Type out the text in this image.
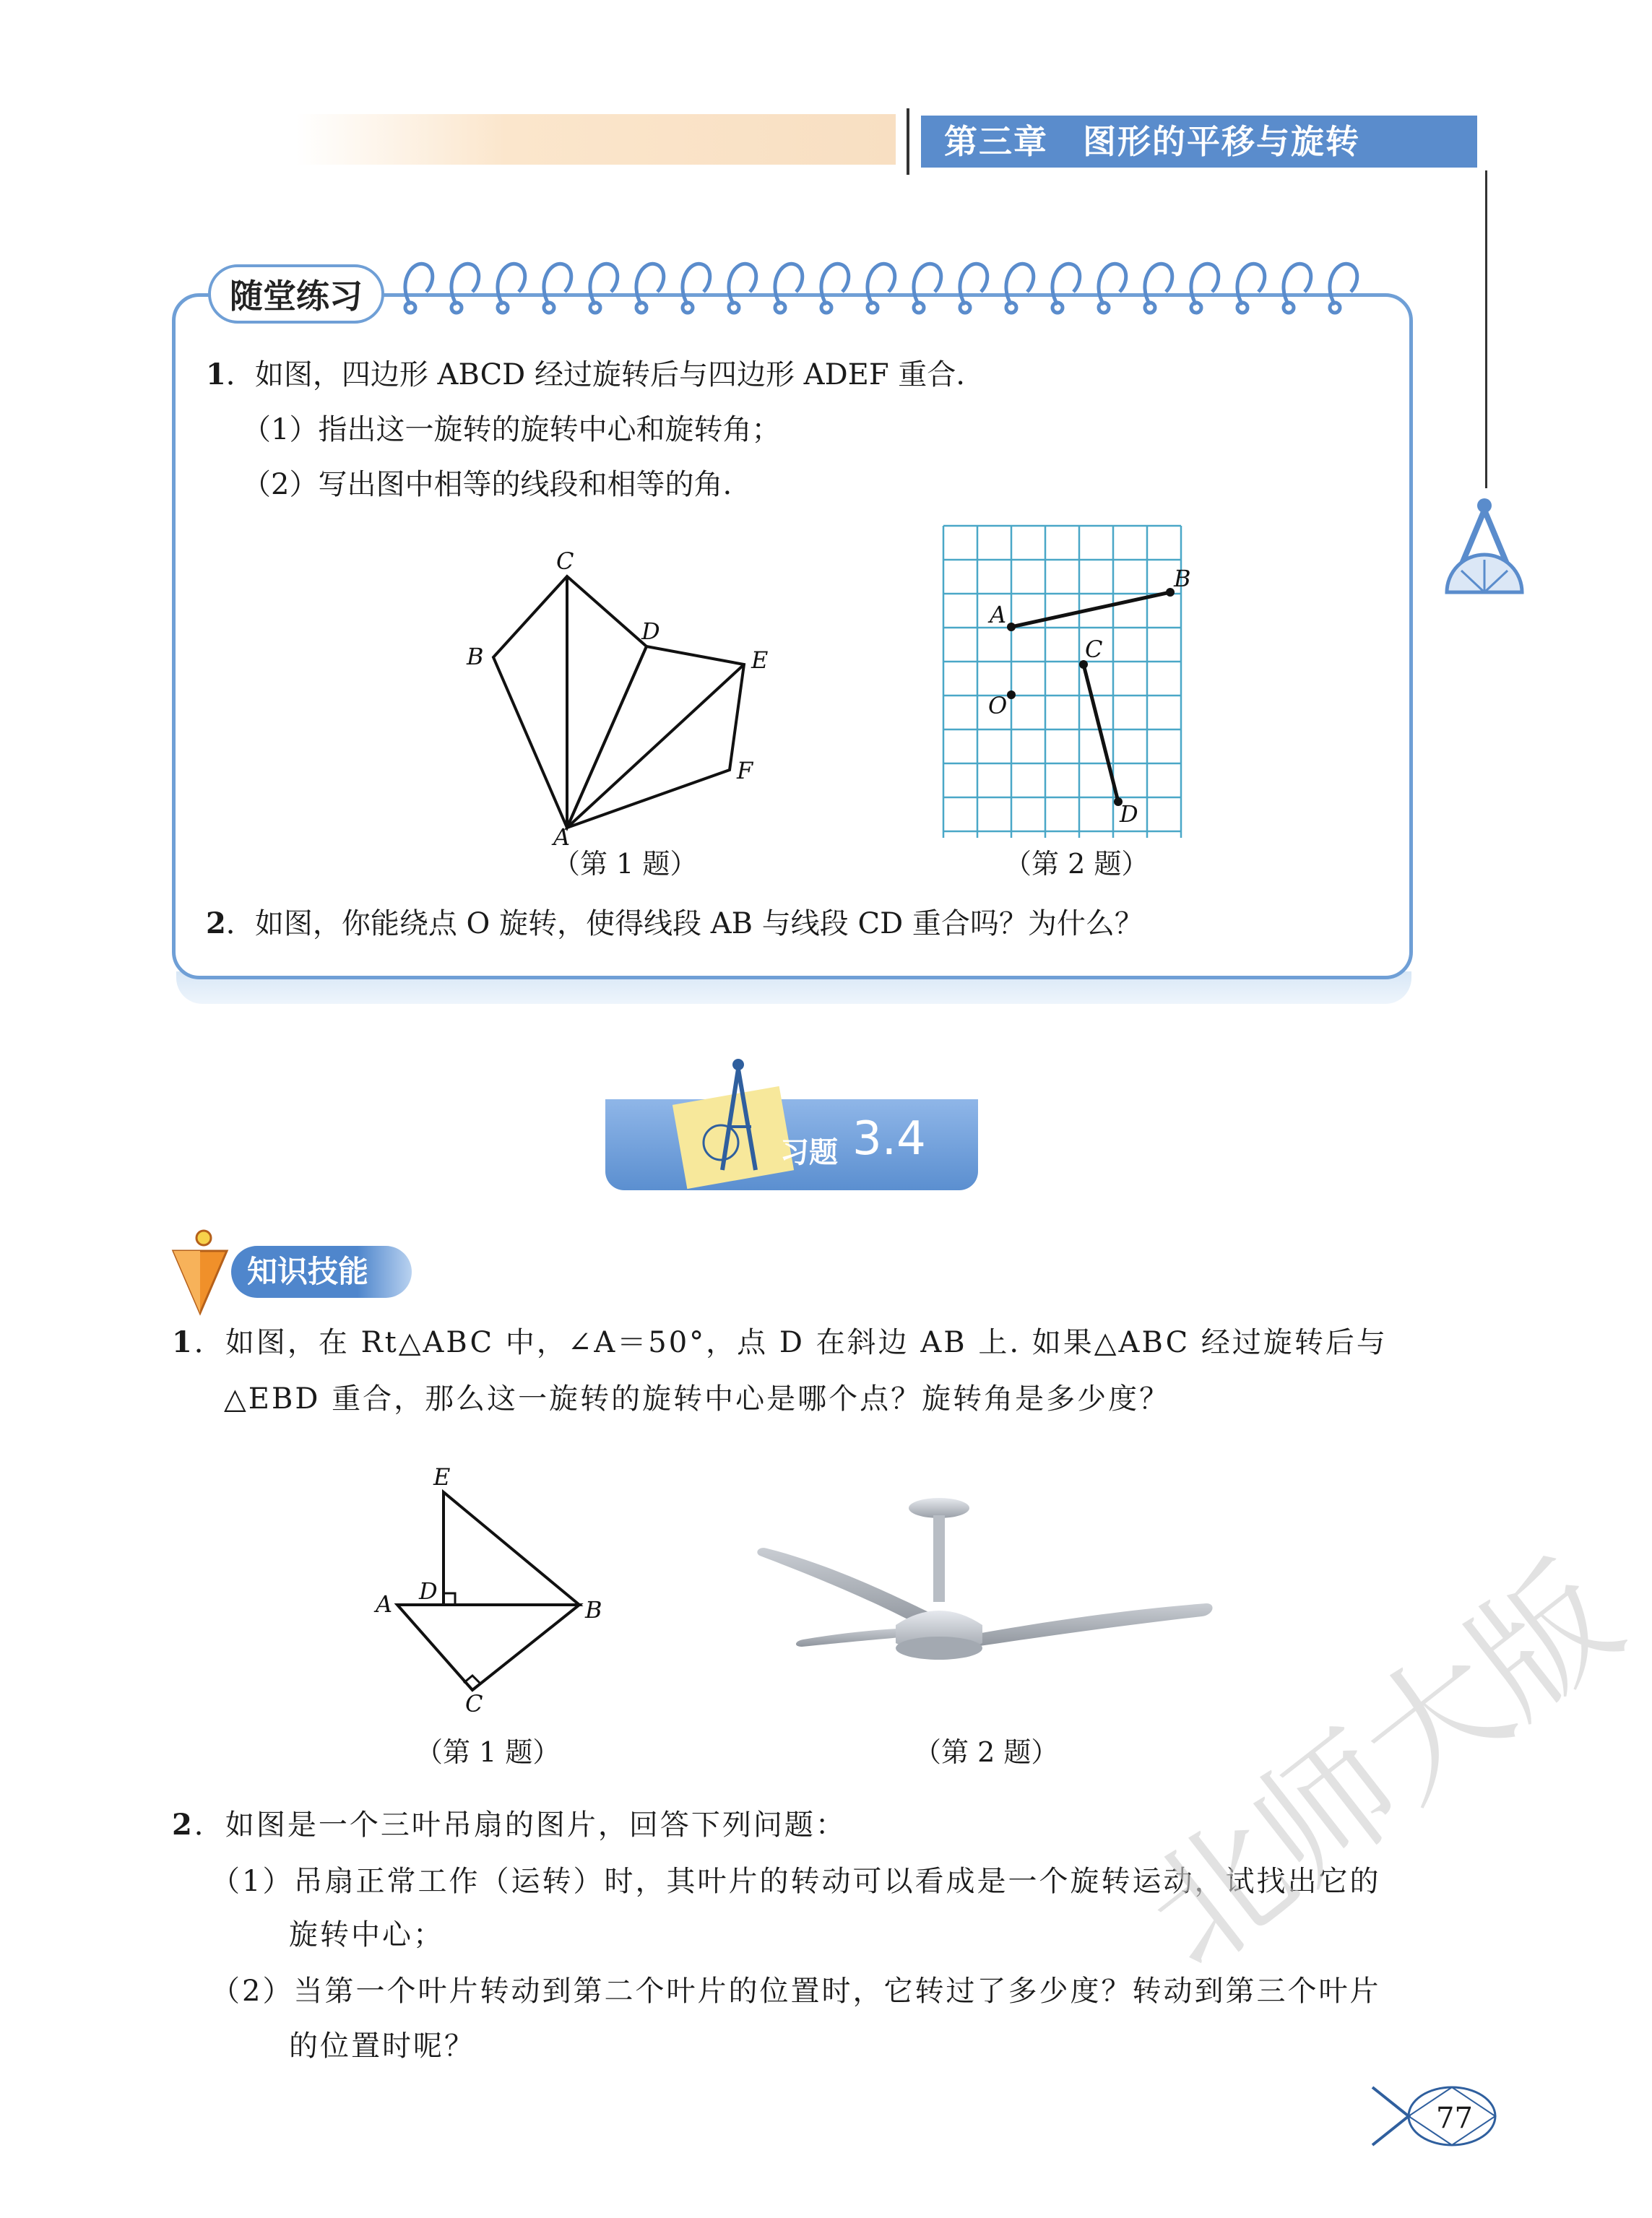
第三章 图形的平移与旋转
随堂练习
1．如图，四边形 ABCD 经过旋转后与四边形 ADEF 重合.
（1）指出这一旋转的旋转中心和旋转角；
（2）写出图中相等的线段和相等的角.
C
B
D
E
F
A
（第 1 题）
A
B
C
O
D
（第 2 题）
2．如图，你能绕点 O 旋转，使得线段 AB 与线段 CD 重合吗？为什么？
习题 3.4
知识技能
1．如图，在 Rt△ABC 中，∠A＝50°，点 D 在斜边 AB 上. 如果△ABC 经过旋转后与
△EBD 重合，那么这一旋转的旋转中心是哪个点？旋转角是多少度？
E
A D
B
C
（第 1 题）	（第 2 题）
2．如图是一个三叶吊扇的图片，回答下列问题：
（1）吊扇正常工作（运转）时，其叶片的转动可以看成是一个旋转运动，试找出它的
旋转中心；
（2）当第一个叶片转动到第二个叶片的位置时，它转过了多少度？转动到第三个叶片
的位置时呢？
北师大版
77
